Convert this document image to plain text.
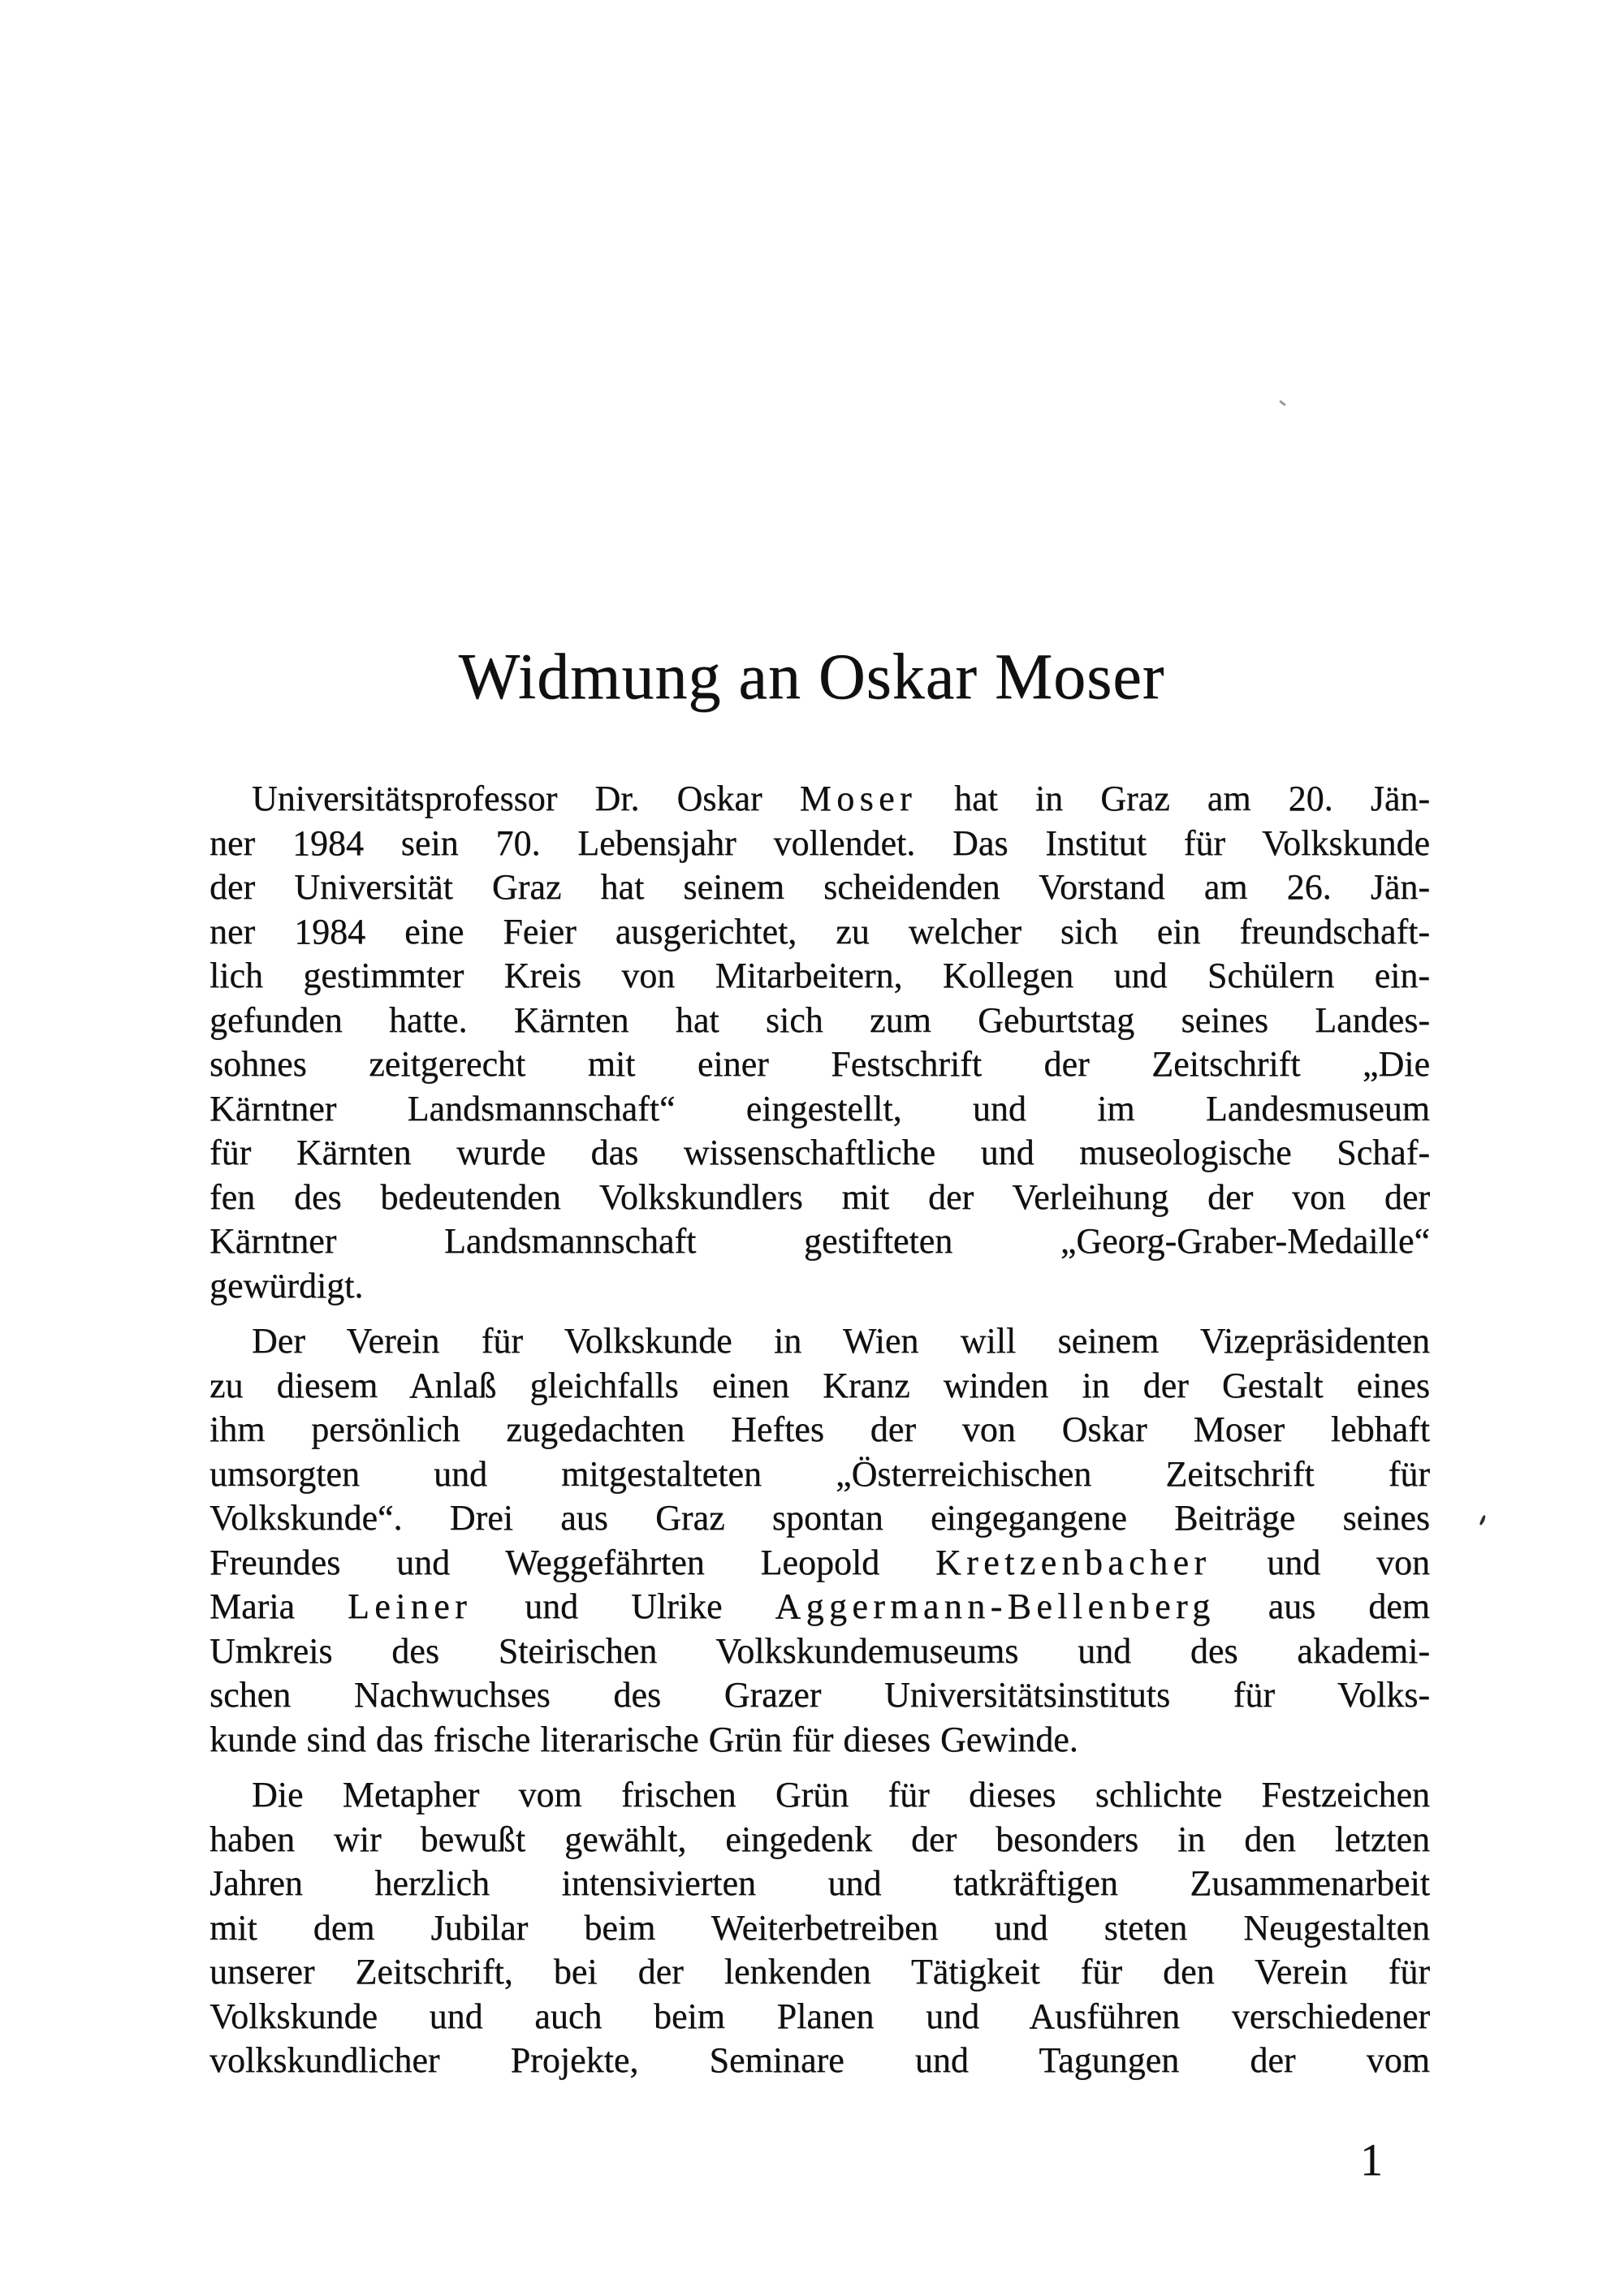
Widmung an Oskar Moser
Universitätsprofessor Dr. Oskar Moser hat in Graz am 20. Jän-
ner 1984 sein 70. Lebensjahr vollendet. Das Institut für Volkskunde
der Universität Graz hat seinem scheidenden Vorstand am 26. Jän-
ner 1984 eine Feier ausgerichtet, zu welcher sich ein freundschaft-
lich gestimmter Kreis von Mitarbeitern, Kollegen und Schülern ein-
gefunden hatte. Kärnten hat sich zum Geburtstag seines Landes-
sohnes zeitgerecht mit einer Festschrift der Zeitschrift „Die
Kärntner Landsmannschaft“ eingestellt, und im Landesmuseum
für Kärnten wurde das wissenschaftliche und museologische Schaf-
fen des bedeutenden Volkskundlers mit der Verleihung der von der
Kärntner Landsmannschaft gestifteten „Georg-Graber-Medaille“
gewürdigt.
Der Verein für Volkskunde in Wien will seinem Vizepräsidenten
zu diesem Anlaß gleichfalls einen Kranz winden in der Gestalt eines
ihm persönlich zugedachten Heftes der von Oskar Moser lebhaft
umsorgten und mitgestalteten „Österreichischen Zeitschrift für
Volkskunde“. Drei aus Graz spontan eingegangene Beiträge seines
Freundes und Weggefährten Leopold Kretzenbacher und von
Maria Leiner und Ulrike Aggermann-Bellenberg aus dem
Umkreis des Steirischen Volkskundemuseums und des akademi-
schen Nachwuchses des Grazer Universitätsinstituts für Volks-
kunde sind das frische literarische Grün für dieses Gewinde.
Die Metapher vom frischen Grün für dieses schlichte Festzeichen
haben wir bewußt gewählt, eingedenk der besonders in den letzten
Jahren herzlich intensivierten und tatkräftigen Zusammenarbeit
mit dem Jubilar beim Weiterbetreiben und steten Neugestalten
unserer Zeitschrift, bei der lenkenden Tätigkeit für den Verein für
Volkskunde und auch beim Planen und Ausführen verschiedener
volkskundlicher Projekte, Seminare und Tagungen der vom
1
